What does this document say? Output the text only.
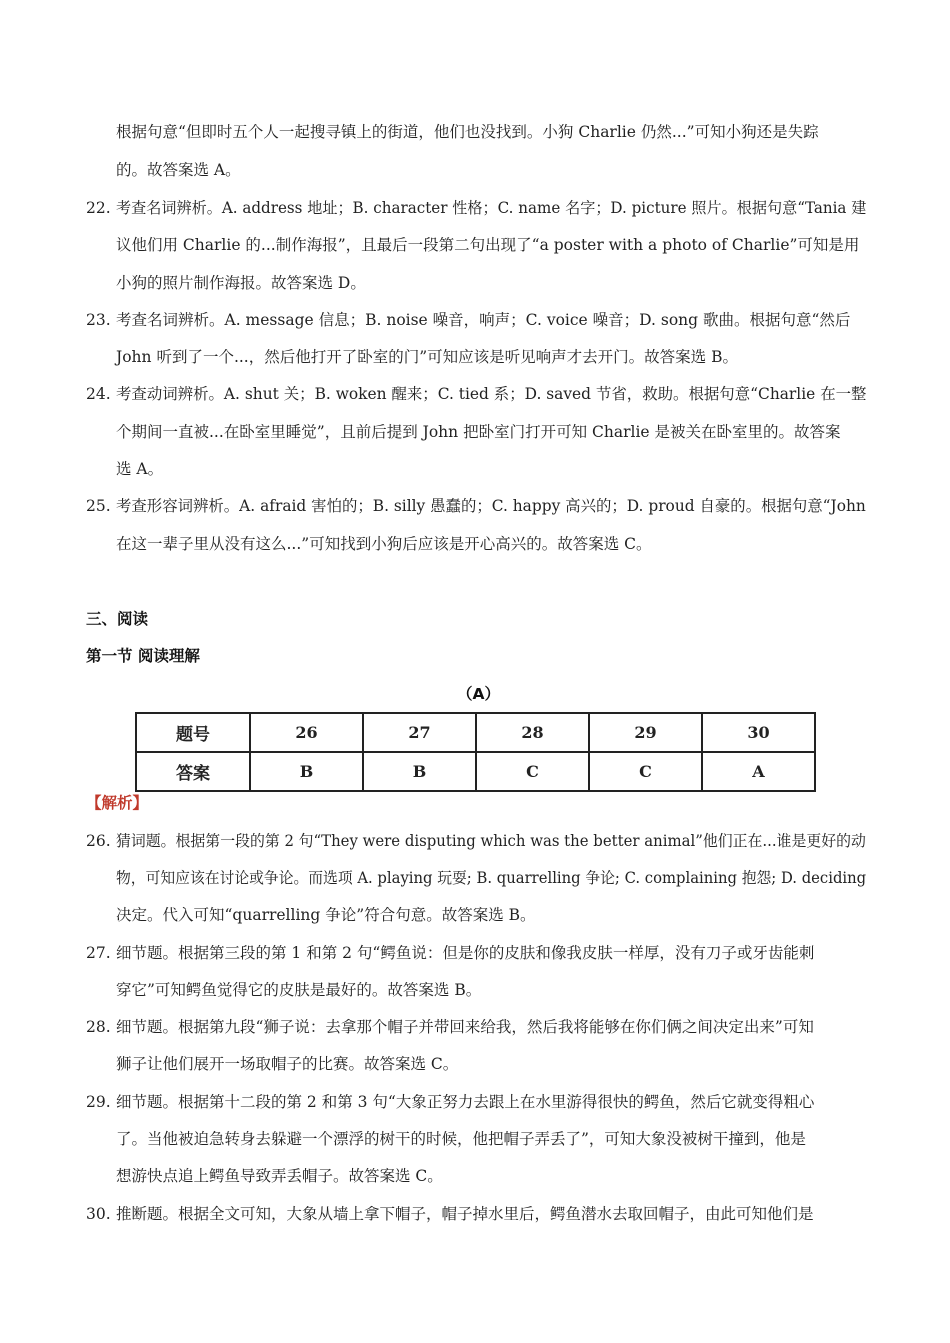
根据句意“但即时五个人一起搜寻镇上的街道，他们也没找到。小狗 Charlie 仍然...”可知小狗还是失踪
的。故答案选 A。
22. 考查名词辨析。A. address 地址；B. character 性格；C. name 名字；D. picture 照片。根据句意“Tania 建
议他们用 Charlie 的...制作海报”，且最后一段第二句出现了“a poster with a photo of Charlie”可知是用
小狗的照片制作海报。故答案选 D。
23. 考查名词辨析。A. message 信息；B. noise 噪音，响声；C. voice 噪音；D. song 歌曲。根据句意“然后
John 听到了一个...，然后他打开了卧室的门”可知应该是听见响声才去开门。故答案选 B。
24. 考查动词辨析。A. shut 关；B. woken 醒来；C. tied 系；D. saved 节省，救助。根据句意“Charlie 在一整
个期间一直被...在卧室里睡觉”，且前后提到 John 把卧室门打开可知 Charlie 是被关在卧室里的。故答案
选 A。
25. 考查形容词辨析。A. afraid 害怕的；B. silly 愚蠢的；C. happy 高兴的；D. proud 自豪的。根据句意“John
在这一辈子里从没有这么...”可知找到小狗后应该是开心高兴的。故答案选 C。
三、阅读
第一节 阅读理解
（A）
题号	26	27	28	29	30
答案	B	B	C	C	A
【解析】
26. 猜词题。根据第一段的第 2 句“They were disputing which was the better animal”他们正在...谁是更好的动
物，可知应该在讨论或争论。而选项 A. playing 玩耍; B. quarrelling 争论; C. complaining 抱怨; D. deciding
决定。代入可知“quarrelling 争论”符合句意。故答案选 B。
27. 细节题。根据第三段的第 1 和第 2 句“鳄鱼说：但是你的皮肤和像我皮肤一样厚，没有刀子或牙齿能刺
穿它”可知鳄鱼觉得它的皮肤是最好的。故答案选 B。
28. 细节题。根据第九段“狮子说：去拿那个帽子并带回来给我，然后我将能够在你们俩之间决定出来”可知
狮子让他们展开一场取帽子的比赛。故答案选 C。
29. 细节题。根据第十二段的第 2 和第 3 句“大象正努力去跟上在水里游得很快的鳄鱼，然后它就变得粗心
了。当他被迫急转身去躲避一个漂浮的树干的时候，他把帽子弄丢了”，可知大象没被树干撞到，他是
想游快点追上鳄鱼导致弄丢帽子。故答案选 C。
30. 推断题。根据全文可知，大象从墙上拿下帽子，帽子掉水里后，鳄鱼潜水去取回帽子，由此可知他们是
